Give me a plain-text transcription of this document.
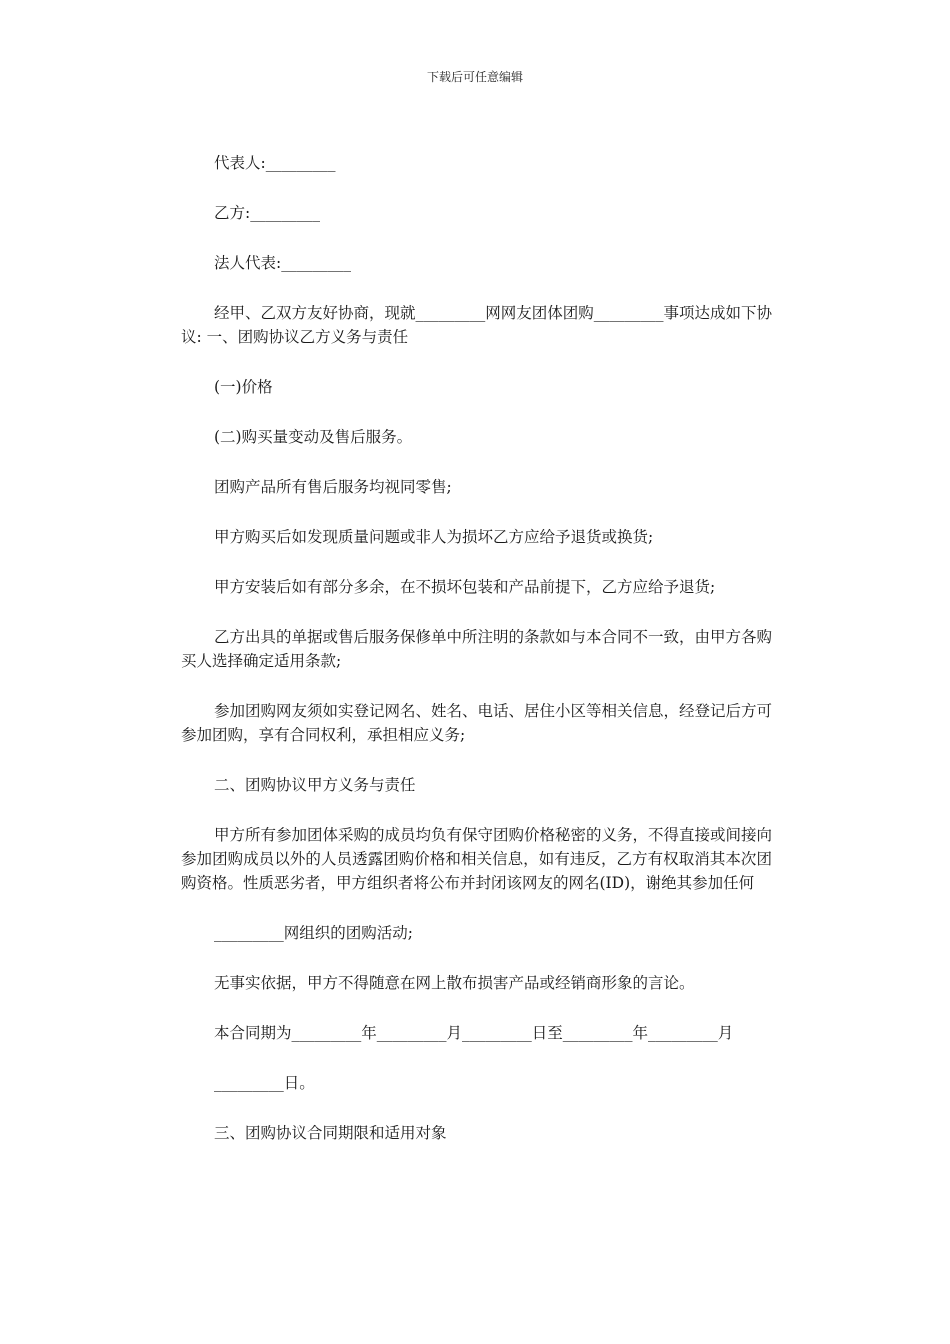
下载后可任意编辑

代表人:_________

乙方:_________

法人代表:_________

经甲、乙双方友好协商，现就_________网网友团体团购_________事项达成如下协议: 一、团购协议乙方义务与责任

(一)价格

(二)购买量变动及售后服务。

团购产品所有售后服务均视同零售;

甲方购买后如发现质量问题或非人为损坏乙方应给予退货或换货;

甲方安装后如有部分多余，在不损坏包装和产品前提下，乙方应给予退货;

乙方出具的单据或售后服务保修单中所注明的条款如与本合同不一致，由甲方各购买人选择确定适用条款;

参加团购网友须如实登记网名、姓名、电话、居住小区等相关信息，经登记后方可参加团购，享有合同权利，承担相应义务;

二、团购协议甲方义务与责任

甲方所有参加团体采购的成员均负有保守团购价格秘密的义务，不得直接或间接向参加团购成员以外的人员透露团购价格和相关信息，如有违反，乙方有权取消其本次团购资格。性质恶劣者，甲方组织者将公布并封闭该网友的网名(ID)，谢绝其参加任何

_________网组织的团购活动;

无事实依据，甲方不得随意在网上散布损害产品或经销商形象的言论。

本合同期为_________年_________月_________日至_________年_________月

_________日。

三、团购协议合同期限和适用对象
